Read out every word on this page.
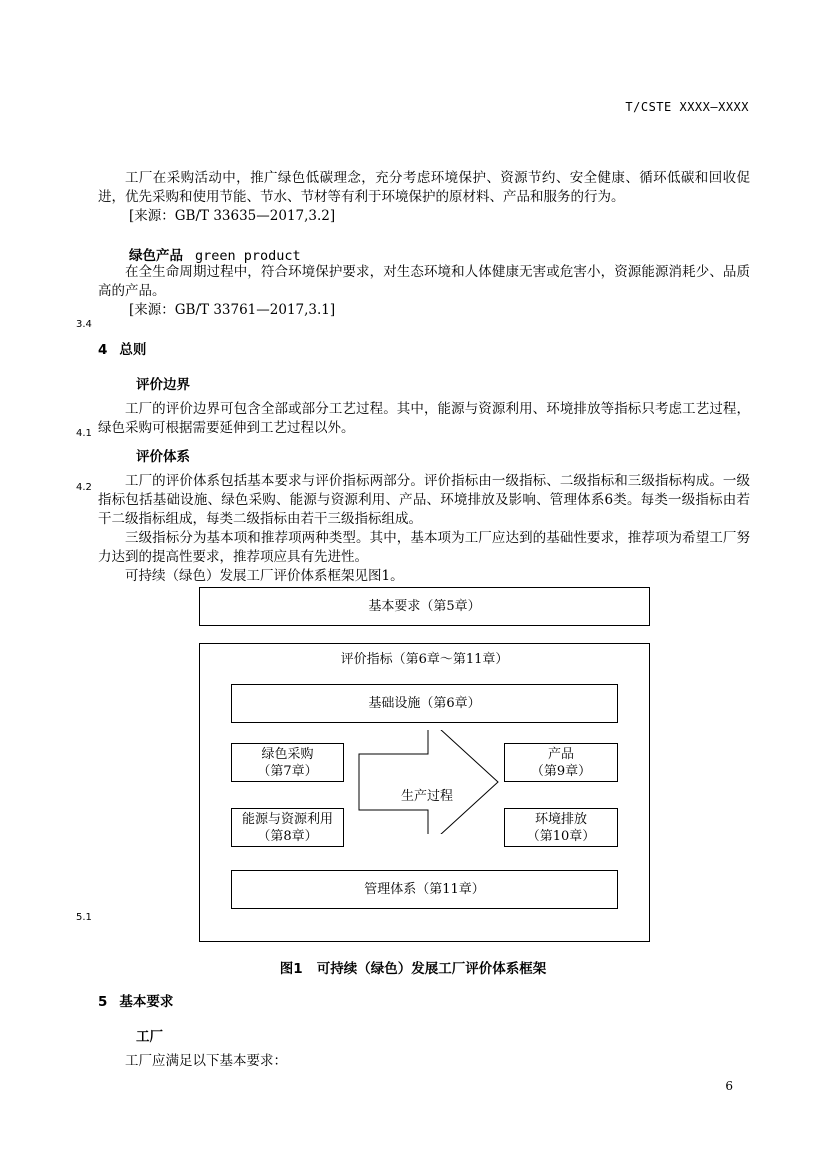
T/CSTE XXXX—XXXX
工厂在采购活动中，推广绿色低碳理念，充分考虑环境保护、资源节约、安全健康、循环低碳和回收促进，优先采购和使用节能、节水、节材等有利于环境保护的原材料、产品和服务的行为。
[来源：GB/T 33635—2017,3.2]
绿色产品 green product
在全生命周期过程中，符合环境保护要求，对生态环境和人体健康无害或危害小，资源能源消耗少、品质高的产品。
[来源：GB/T 33761—2017,3.1]
3.4
4 总则
评价边界
工厂的评价边界可包含全部或部分工艺过程。其中，能源与资源利用、环境排放等指标只考虑工艺过程，绿色采购可根据需要延伸到工艺过程以外。
4.1
评价体系
4.2	工厂的评价体系包括基本要求与评价指标两部分。评价指标由一级指标、二级指标和三级指标构成。一级指标包括基础设施、绿色采购、能源与资源利用、产品、环境排放及影响、管理体系6类。每类一级指标由若干二级指标组成，每类二级指标由若干三级指标组成。
三级指标分为基本项和推荐项两种类型。其中，基本项为工厂应达到的基础性要求，推荐项为希望工厂努力达到的提高性要求，推荐项应具有先进性。
可持续（绿色）发展工厂评价体系框架见图1。
基本要求（第5章）
评价指标（第6章～第11章）
基础设施（第6章）
绿色采购
（第7章）
能源与资源利用
（第8章）
生产过程
产品
（第9章）
环境排放
（第10章）
管理体系（第11章）
5.1
图1 可持续（绿色）发展工厂评价体系框架
5 基本要求
工厂
工厂应满足以下基本要求：
6
